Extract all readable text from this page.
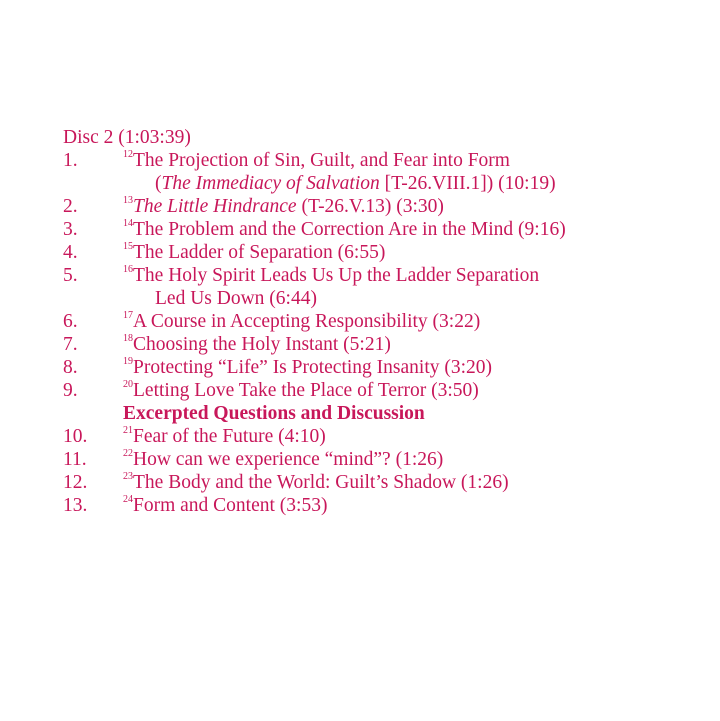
Disc 2 (1:03:39)
1.	$^{12}$The Projection of Sin, Guilt, and Fear into Form
(The Immediacy of Salvation [T-26.VIII.1]) (10:19)
2.	$^{13}$The Little Hindrance (T-26.V.13) (3:30)
3.	$^{14}$The Problem and the Correction Are in the Mind (9:16)
4.	$^{15}$The Ladder of Separation (6:55)
5.	$^{16}$The Holy Spirit Leads Us Up the Ladder Separation
Led Us Down (6:44)
6.	$^{17}$A Course in Accepting Responsibility (3:22)
7.	$^{18}$Choosing the Holy Instant (5:21)
8.	$^{19}$Protecting “Life” Is Protecting Insanity (3:20)
9.	$^{20}$Letting Love Take the Place of Terror (3:50)
Excerpted Questions and Discussion
10.	$^{21}$Fear of the Future (4:10)
11.	$^{22}$How can we experience “mind”? (1:26)
12.	$^{23}$The Body and the World: Guilt’s Shadow (1:26)
13.	$^{24}$Form and Content (3:53)
